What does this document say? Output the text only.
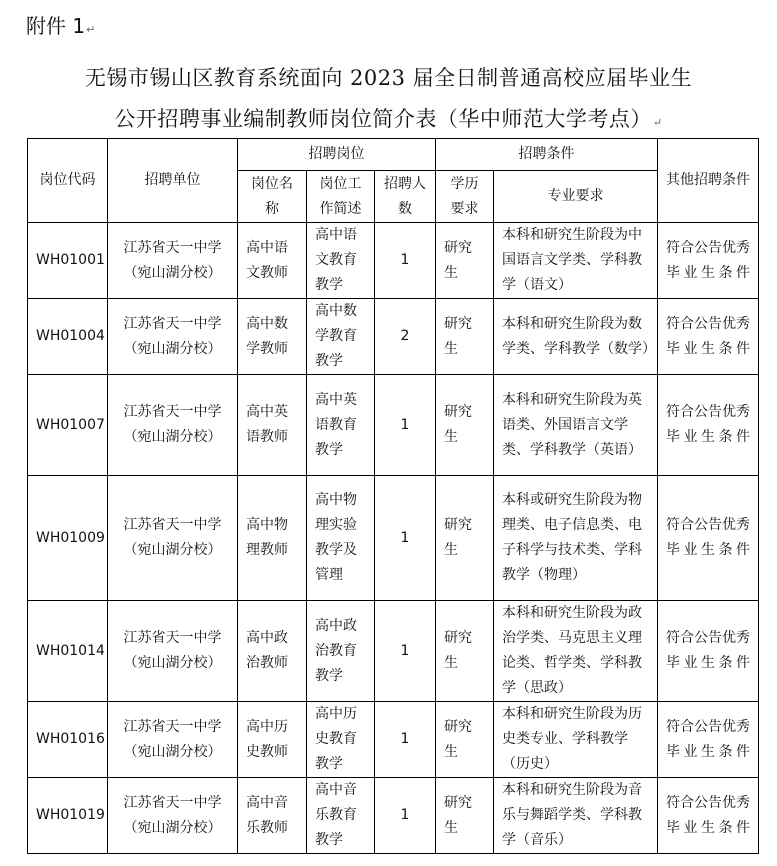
附件 1↵
无锡市锡山区教育系统面向 2023 届全日制普通高校应届毕业生
公开招聘事业编制教师岗位简介表（华中师范大学考点）↵
岗位代码	招聘单位	招聘岗位			招聘条件		其他招聘条件
		岗位名称	岗位工作简述	招聘人数	学历要求	专业要求	
WH01001	江苏省天一中学（宛山湖分校）	高中语文教师	高中语文教育教学	1	研究生	本科和研究生阶段为中国语言文学类、学科教学（语文）	符合公告优秀毕业生条件
WH01004	江苏省天一中学（宛山湖分校）	高中数学教师	高中数学教育教学	2	研究生	本科和研究生阶段为数学类、学科教学（数学）	符合公告优秀毕业生条件
WH01007	江苏省天一中学（宛山湖分校）	高中英语教师	高中英语教育教学	1	研究生	本科和研究生阶段为英语类、外国语言文学类、学科教学（英语）	符合公告优秀毕业生条件
WH01009	江苏省天一中学（宛山湖分校）	高中物理教师	高中物理实验教学及管理	1	研究生	本科或研究生阶段为物理类、电子信息类、电子科学与技术类、学科教学（物理）	符合公告优秀毕业生条件
WH01014	江苏省天一中学（宛山湖分校）	高中政治教师	高中政治教育教学	1	研究生	本科和研究生阶段为政治学类、马克思主义理论类、哲学类、学科教学（思政）	符合公告优秀毕业生条件
WH01016	江苏省天一中学（宛山湖分校）	高中历史教师	高中历史教育教学	1	研究生	本科和研究生阶段为历史类专业、学科教学（历史）	符合公告优秀毕业生条件
WH01019	江苏省天一中学（宛山湖分校）	高中音乐教师	高中音乐教育教学	1	研究生	本科和研究生阶段为音乐与舞蹈学类、学科教学（音乐）	符合公告优秀毕业生条件
